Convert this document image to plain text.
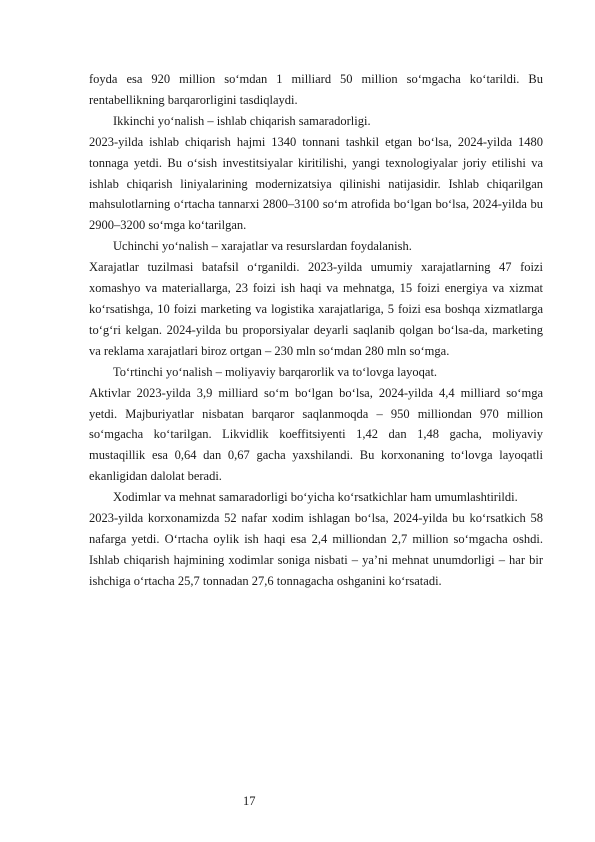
foyda esa 920 million so‘mdan 1 milliard 50 million so‘mgacha ko‘tarildi. Bu rentabellikning barqarorligini tasdiqlaydi.

Ikkinchi yo‘nalish – ishlab chiqarish samaradorligi.

2023-yilda ishlab chiqarish hajmi 1340 tonnani tashkil etgan bo‘lsa, 2024-yilda 1480 tonnaga yetdi. Bu o‘sish investitsiyalar kiritilishi, yangi texnologiyalar joriy etilishi va ishlab chiqarish liniyalarining modernizatsiya qilinishi natijasidir. Ishlab chiqarilgan mahsulotlarning o‘rtacha tannarxi 2800–3100 so‘m atrofida bo‘lgan bo‘lsa, 2024-yilda bu 2900–3200 so‘mga ko‘tarilgan.

Uchinchi yo‘nalish – xarajatlar va resurslardan foydalanish.

Xarajatlar tuzilmasi batafsil o‘rganildi. 2023-yilda umumiy xarajatlarning 47 foizi xomashyo va materiallarga, 23 foizi ish haqi va mehnatga, 15 foizi energiya va xizmat ko‘rsatishga, 10 foizi marketing va logistika xarajatlariga, 5 foizi esa boshqa xizmatlarga to‘g‘ri kelgan. 2024-yilda bu proporsiyalar deyarli saqlanib qolgan bo‘lsa-da, marketing va reklama xarajatlari biroz ortgan – 230 mln so‘mdan 280 mln so‘mga.

To‘rtinchi yo‘nalish – moliyaviy barqarorlik va to‘lovga layoqat.

Aktivlar 2023-yilda 3,9 milliard so‘m bo‘lgan bo‘lsa, 2024-yilda 4,4 milliard so‘mga yetdi. Majburiyatlar nisbatan barqaror saqlanmoqda – 950 milliondan 970 million so‘mgacha ko‘tarilgan. Likvidlik koeffitsiyenti 1,42 dan 1,48 gacha, moliyaviy mustaqillik esa 0,64 dan 0,67 gacha yaxshilandi. Bu korxonaning to‘lovga layoqatli ekanligidan dalolat beradi.

Xodimlar va mehnat samaradorligi bo‘yicha ko‘rsatkichlar ham umumlashtirildi.

2023-yilda korxonamizda 52 nafar xodim ishlagan bo‘lsa, 2024-yilda bu ko‘rsatkich 58 nafarga yetdi. O‘rtacha oylik ish haqi esa 2,4 milliondan 2,7 million so‘mgacha oshdi. Ishlab chiqarish hajmining xodimlar soniga nisbati – ya’ni mehnat unumdorligi – har bir ishchiga o‘rtacha 25,7 tonnadan 27,6 tonnagacha oshganini ko‘rsatadi.

17
